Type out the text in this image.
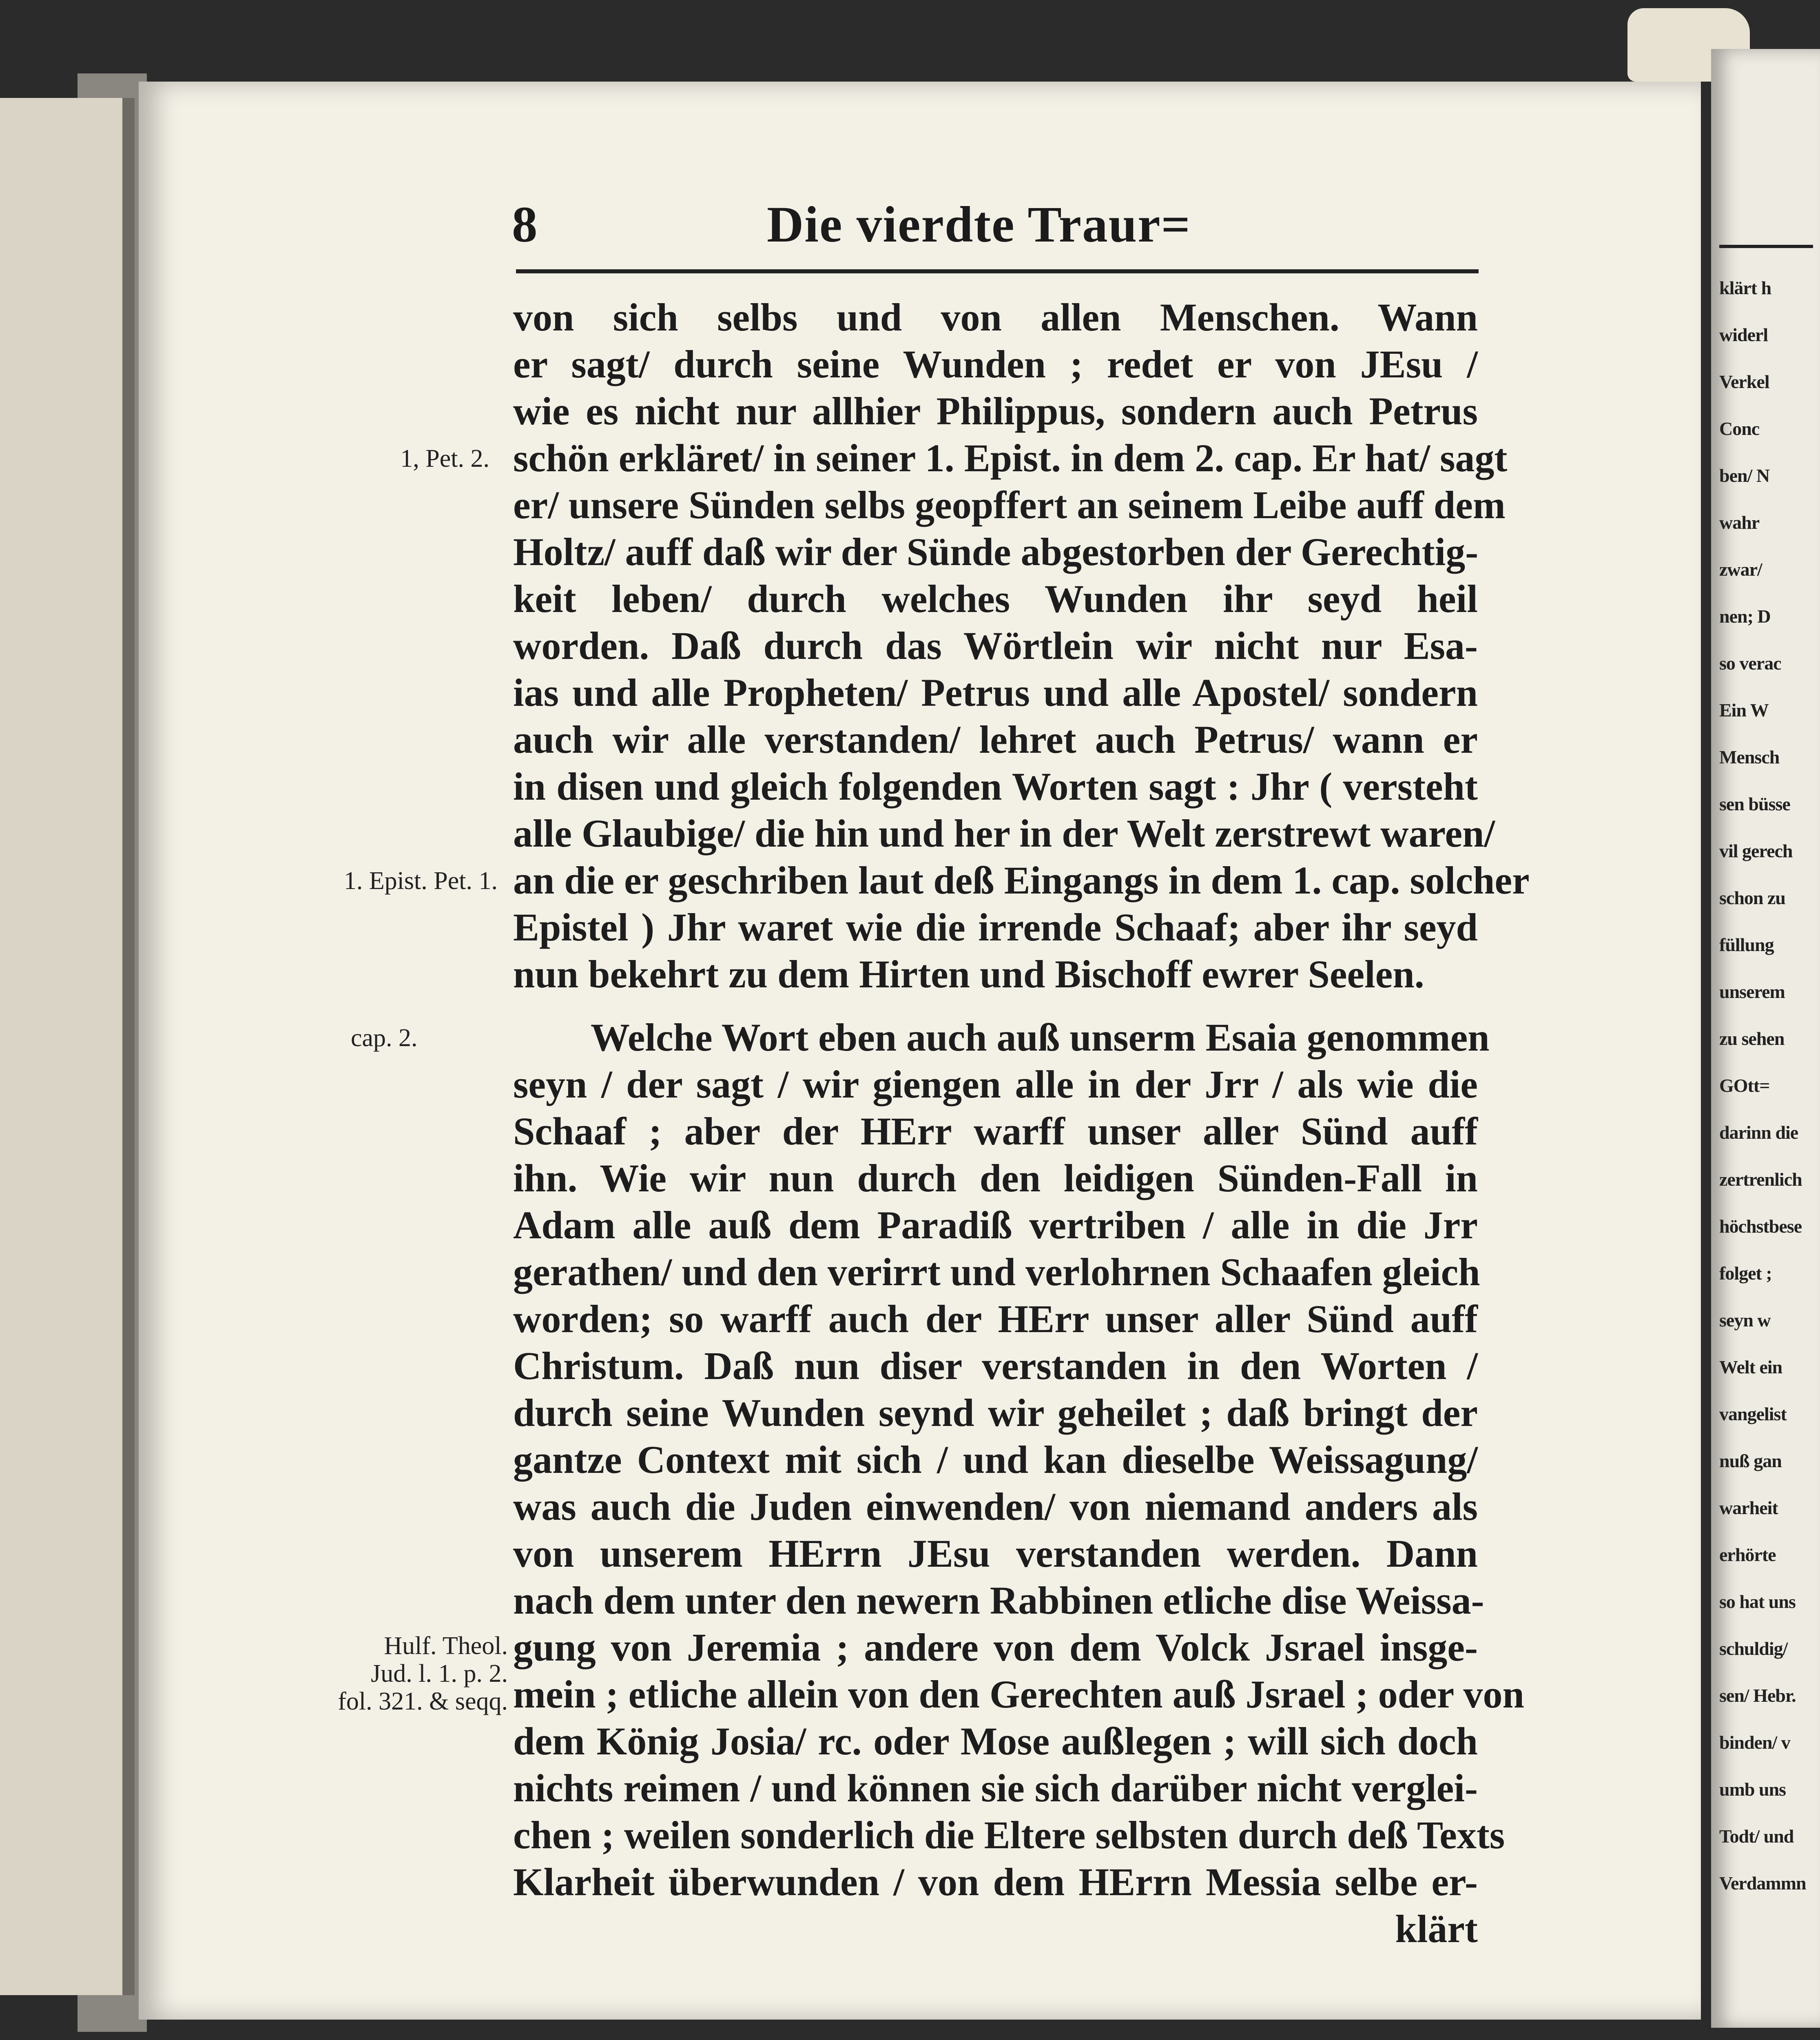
8	Die vierdte Traur=
von sich selbs und von allen Menschen. Wann
er sagt/ durch seine Wunden ; redet er von JEsu /
wie es nicht nur allhier Philippus, sondern auch Petrus
schön erkläret/ in seiner 1. Epist. in dem 2. cap. Er hat/ sagt
er/ unsere Sünden selbs geopffert an seinem Leibe auff dem
Holtz/ auff daß wir der Sünde abgestorben der Gerechtig-
keit leben/ durch welches Wunden ihr seyd heil
worden. Daß durch das Wörtlein wir nicht nur Esa-
ias und alle Propheten/ Petrus und alle Apostel/ sondern
auch wir alle verstanden/ lehret auch Petrus/ wann er
in disen und gleich folgenden Worten sagt : Jhr ( versteht
alle Glaubige/ die hin und her in der Welt zerstrewt waren/
an die er geschriben laut deß Eingangs in dem 1. cap. solcher
Epistel ) Jhr waret wie die irrende Schaaf; aber ihr seyd
nun bekehrt zu dem Hirten und Bischoff ewrer Seelen.
Welche Wort eben auch auß unserm Esaia genommen
seyn / der sagt / wir giengen alle in der Jrr / als wie die
Schaaf ; aber der HErr warff unser aller Sünd auff
ihn. Wie wir nun durch den leidigen Sünden-Fall in
Adam alle auß dem Paradiß vertriben / alle in die Jrr
gerathen/ und den verirrt und verlohrnen Schaafen gleich
worden; so warff auch der HErr unser aller Sünd auff
Christum. Daß nun diser verstanden in den Worten /
durch seine Wunden seynd wir geheilet ; daß bringt der
gantze Context mit sich / und kan dieselbe Weissagung/
was auch die Juden einwenden/ von niemand anders als
von unserem HErrn JEsu verstanden werden. Dann
nach dem unter den newern Rabbinen etliche dise Weissa-
gung von Jeremia ; andere von dem Volck Jsrael insge-
mein ; etliche allein von den Gerechten auß Jsrael ; oder von
dem König Josia/ rc. oder Mose außlegen ; will sich doch
nichts reimen / und können sie sich darüber nicht verglei-
chen ; weilen sonderlich die Eltere selbsten durch deß Texts
Klarheit überwunden / von dem HErrn Messia selbe er-
klärt
1, Pet. 2.
1. Epist. Pet. 1.
cap. 2.
Hulf. Theol.
Jud. l. 1. p. 2.
fol. 321. & seqq.
klärt h
widerl
Verkel
Conc
ben/ N
wahr
zwar/
nen; D
so verac
Ein W
Mensch
sen büsse
vil gerech
schon zu
füllung
unserem
zu sehen
GOtt=
darinn die
zertrenlich
höchstbese
folget ;
seyn w
Welt ein
vangelist
nuß gan
warheit
erhörte
so hat uns
schuldig/
sen/ Hebr.
binden/ v
umb uns
Todt/ und
Verdammn
